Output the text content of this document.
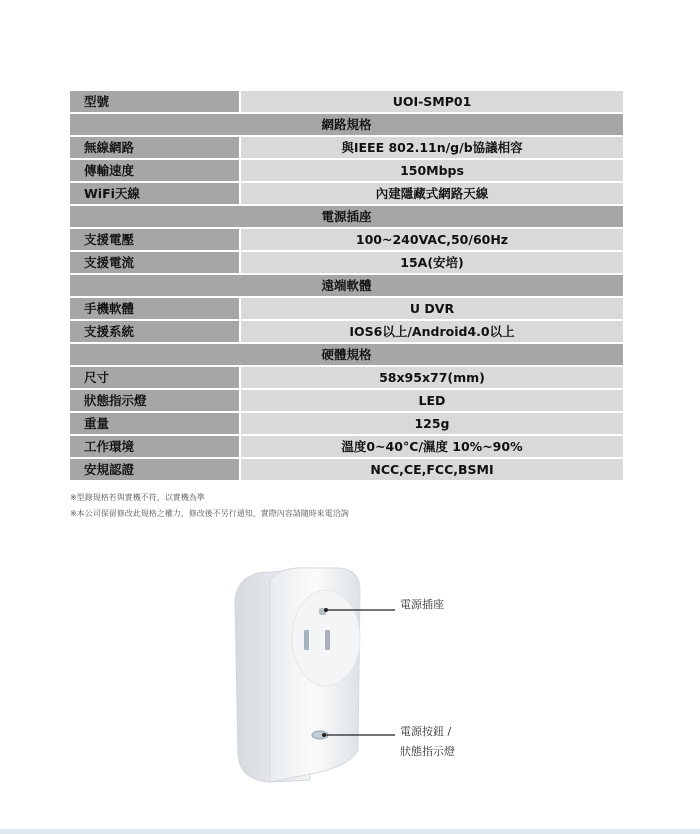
型號	UOI-SMP01
網路規格
無線網路	與IEEE 802.11n/g/b協議相容
傳輸速度	150Mbps
WiFi天線	內建隱藏式網路天線
電源插座
支援電壓	100~240VAC,50/60Hz
支援電流	15A(安培)
遠端軟體
手機軟體	U DVR
支援系統	IOS6以上/Android4.0以上
硬體規格
尺寸	58x95x77(mm)
狀態指示燈	LED
重量	125g
工作環境	溫度0~40°C/濕度 10%~90%
安規認證	NCC,CE,FCC,BSMI
※型錄規格若與實機不符，以實機為準
※本公司保留修改此規格之權力，修改後不另行通知，實際內容請隨時來電洽詢
電源插座
電源按鈕 /
狀態指示燈
